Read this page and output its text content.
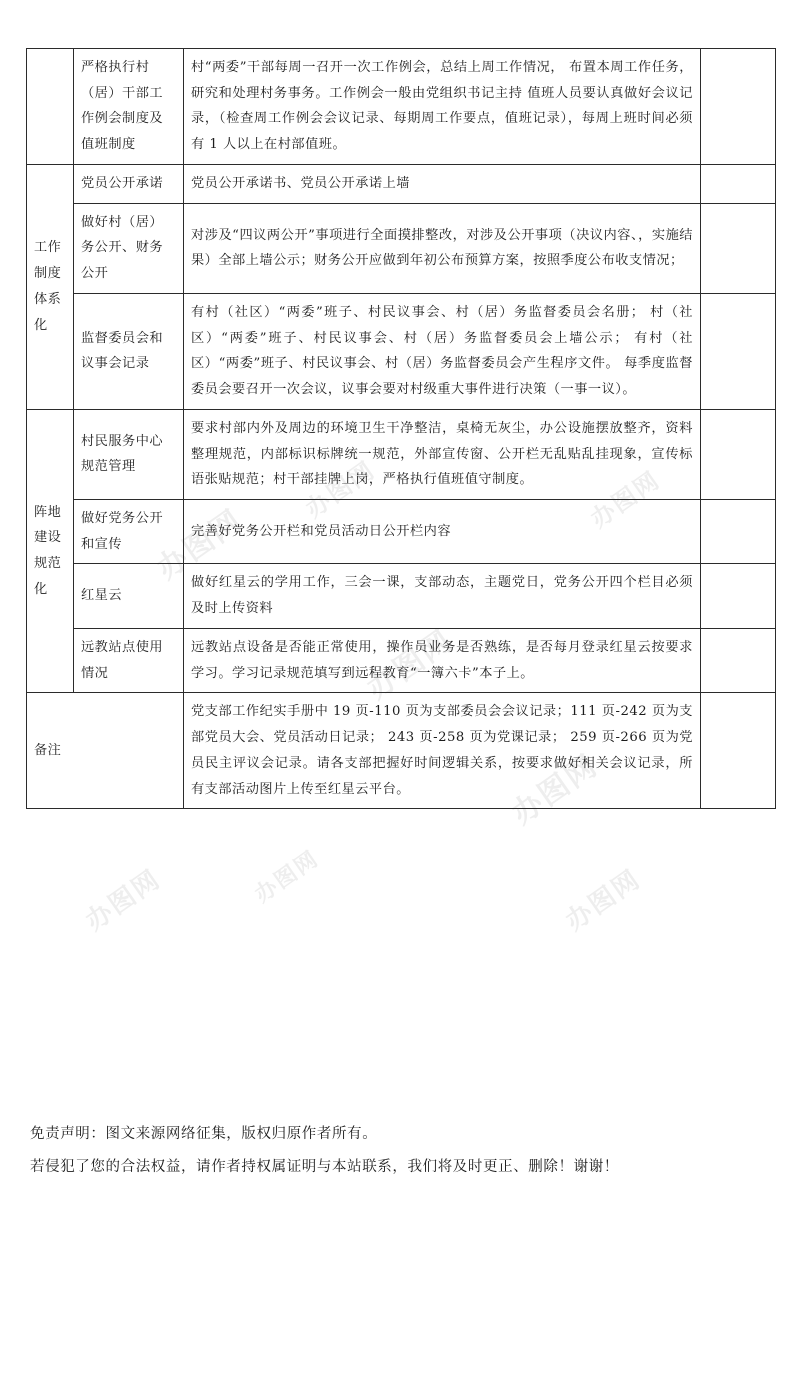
办图网	办图网
办图网
办图网
办图网
办图网
办图网	办图网
	严格执行村（居）干部工作例会制度及值班制度	村“两委”干部每周一召开一次工作例会，总结上周工作情况， 布置本周工作任务，研究和处理村务事务。工作例会一般由党组织书记主持 值班人员要认真做好会议记录，（检查周工作例会会议记录、每期周工作要点，值班记录），每周上班时间必须有 1 人以上在村部值班。	
工作制度体系化	党员公开承诺	党员公开承诺书、党员公开承诺上墙	
	做好村（居）务公开、财务公开	对涉及“四议两公开”事项进行全面摸排整改，对涉及公开事项（决议内容、，实施结果）全部上墙公示；财务公开应做到年初公布预算方案，按照季度公布收支情况；	
	监督委员会和议事会记录	有村（社区）“两委”班子、村民议事会、村（居）务监督委员会名册； 村（社区）“两委”班子、村民议事会、村（居）务监督委员会上墙公示； 有村（社区）“两委”班子、村民议事会、村（居）务监督委员会产生程序文件。 每季度监督委员会要召开一次会议，议事会要对村级重大事件进行决策（一事一议）。	
阵地建设规范化	村民服务中心 规范管理	要求村部内外及周边的环境卫生干净整洁，桌椅无灰尘，办公设施摆放整齐，资料整理规范，内部标识标牌统一规范，外部宣传窗、公开栏无乱贴乱挂现象，宣传标语张贴规范；村干部挂牌上岗，严格执行值班值守制度。	
	做好党务公开和宣传	完善好党务公开栏和党员活动日公开栏内容	
	红星云	做好红星云的学用工作，三会一课，支部动态，主题党日，党务公开四个栏目必须及时上传资料	
	远教站点使用情况	远教站点设备是否能正常使用，操作员业务是否熟练，是否每月登录红星云按要求学习。学习记录规范填写到远程教育“一簿六卡”本子上。	
备注		党支部工作纪实手册中 19 页-110 页为支部委员会会议记录；111 页-242 页为支部党员大会、党员活动日记录； 243 页-258 页为党课记录； 259 页-266 页为党员民主评议会记录。请各支部把握好时间逻辑关系，按要求做好相关会议记录，所有支部活动图片上传至红星云平台。	
免责声明：图文来源网络征集，版权归原作者所有。
若侵犯了您的合法权益，请作者持权属证明与本站联系，我们将及时更正、删除！谢谢！
